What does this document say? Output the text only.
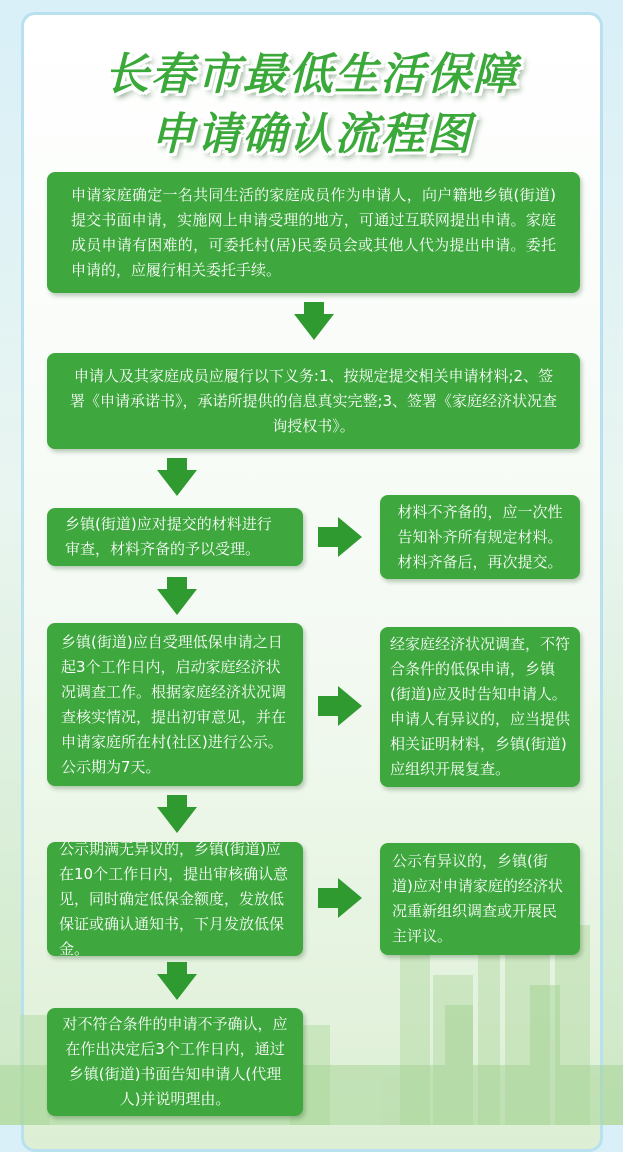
长春市最低生活保障
申请确认流程图
申请家庭确定一名共同生活的家庭成员作为申请人，向户籍地乡镇(街道)提交书面申请，实施网上申请受理的地方，可通过互联网提出申请。家庭成员申请有困难的，可委托村(居)民委员会或其他人代为提出申请。委托申请的，应履行相关委托手续。
申请人及其家庭成员应履行以下义务:1、按规定提交相关申请材料;2、签署《申请承诺书》，承诺所提供的信息真实完整;3、签署《家庭经济状况查询授权书》。
乡镇(街道)应对提交的材料进行审查，材料齐备的予以受理。
乡镇(街道)应自受理低保申请之日起3个工作日内，启动家庭经济状况调查工作。根据家庭经济状况调查核实情况，提出初审意见，并在申请家庭所在村(社区)进行公示。公示期为7天。
公示期满无异议的，乡镇(街道)应在10个工作日内，提出审核确认意见，同时确定低保金额度，发放低保证或确认通知书，下月发放低保金。
对不符合条件的申请不予确认，应在作出决定后3个工作日内，通过乡镇(街道)书面告知申请人(代理人)并说明理由。
材料不齐备的，应一次性告知补齐所有规定材料。材料齐备后，再次提交。
经家庭经济状况调查，不符合条件的低保申请，乡镇(街道)应及时告知申请人。申请人有异议的，应当提供相关证明材料，乡镇(街道)应组织开展复查。
公示有异议的，乡镇(街道)应对申请家庭的经济状况重新组织调查或开展民主评议。
